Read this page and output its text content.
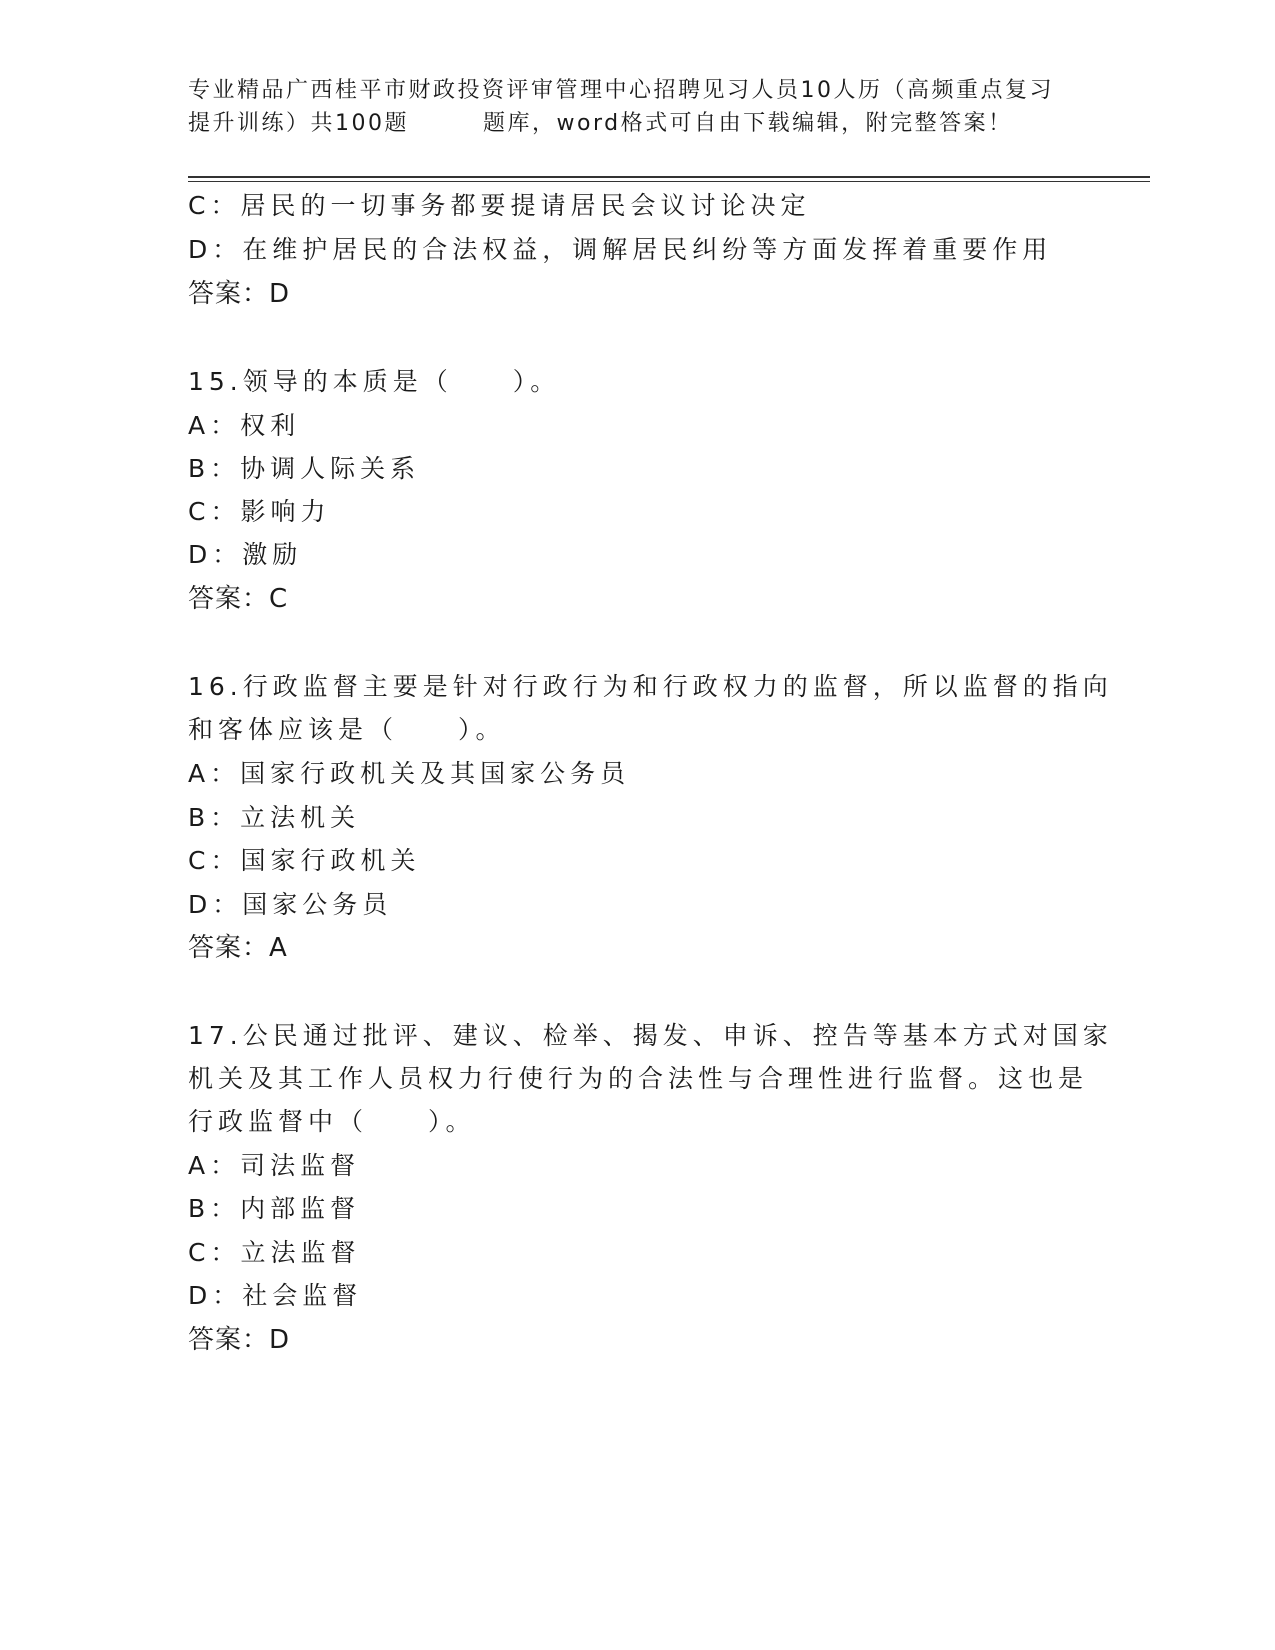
专业精品广西桂平市财政投资评审管理中心招聘见习人员10人历（高频重点复习
提升训练）共100题	题库，word格式可自由下载编辑，附完整答案！
C：居民的一切事务都要提请居民会议讨论决定
D：在维护居民的合法权益，调解居民纠纷等方面发挥着重要作用
答案：D
15.领导的本质是（　　）。
A：权利
B：协调人际关系
C：影响力
D：激励
答案：C
16.行政监督主要是针对行政行为和行政权力的监督，所以监督的指向
和客体应该是（　　）。
A：国家行政机关及其国家公务员
B：立法机关
C：国家行政机关
D：国家公务员
答案：A
17.公民通过批评、建议、检举、揭发、申诉、控告等基本方式对国家
机关及其工作人员权力行使行为的合法性与合理性进行监督。这也是
行政监督中（　　）。
A：司法监督
B：内部监督
C：立法监督
D：社会监督
答案：D
